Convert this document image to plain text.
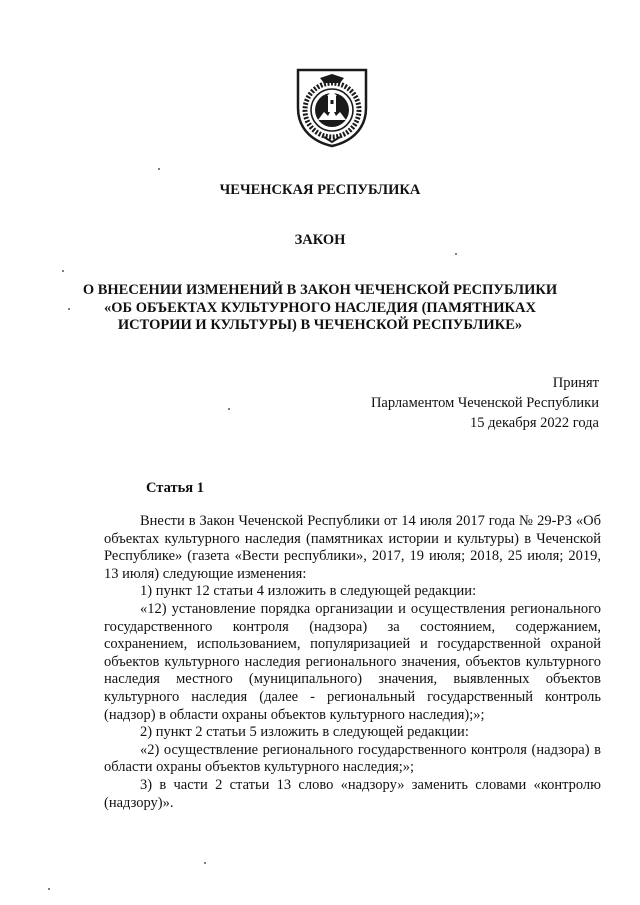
ЧЕЧЕНСКАЯ РЕСПУБЛИКА
ЗАКОН
О ВНЕСЕНИИ ИЗМЕНЕНИЙ В ЗАКОН ЧЕЧЕНСКОЙ РЕСПУБЛИКИ
«ОБ ОБЪЕКТАХ КУЛЬТУРНОГО НАСЛЕДИЯ (ПАМЯТНИКАХ
ИСТОРИИ И КУЛЬТУРЫ) В ЧЕЧЕНСКОЙ РЕСПУБЛИКЕ»
Принят
Парламентом Чеченской Республики
15 декабря 2022 года
Статья 1

Внести в Закон Чеченской Республики от 14 июля 2017 года № 29-РЗ «Об объектах культурного наследия (памятниках истории и культуры) в Чеченской Республике» (газета «Вести республики», 2017, 19 июля; 2018, 25 июля; 2019, 13 июля) следующие изменения:

1) пункт 12 статьи 4 изложить в следующей редакции:

«12) установление порядка организации и осуществления регионального государственного контроля (надзора) за состоянием, содержанием, сохранением, использованием, популяризацией и государственной охраной объектов культурного наследия регионального значения, объектов культурного наследия местного (муниципального) значения, выявленных объектов культурного наследия (далее - региональный государственный контроль (надзор) в области охраны объектов культурного наследия);»;

2) пункт 2 статьи 5 изложить в следующей редакции:

«2) осуществление регионального государственного контроля (надзора) в области охраны объектов культурного наследия;»;

3) в части 2 статьи 13 слово «надзору» заменить словами «контролю (надзору)».
